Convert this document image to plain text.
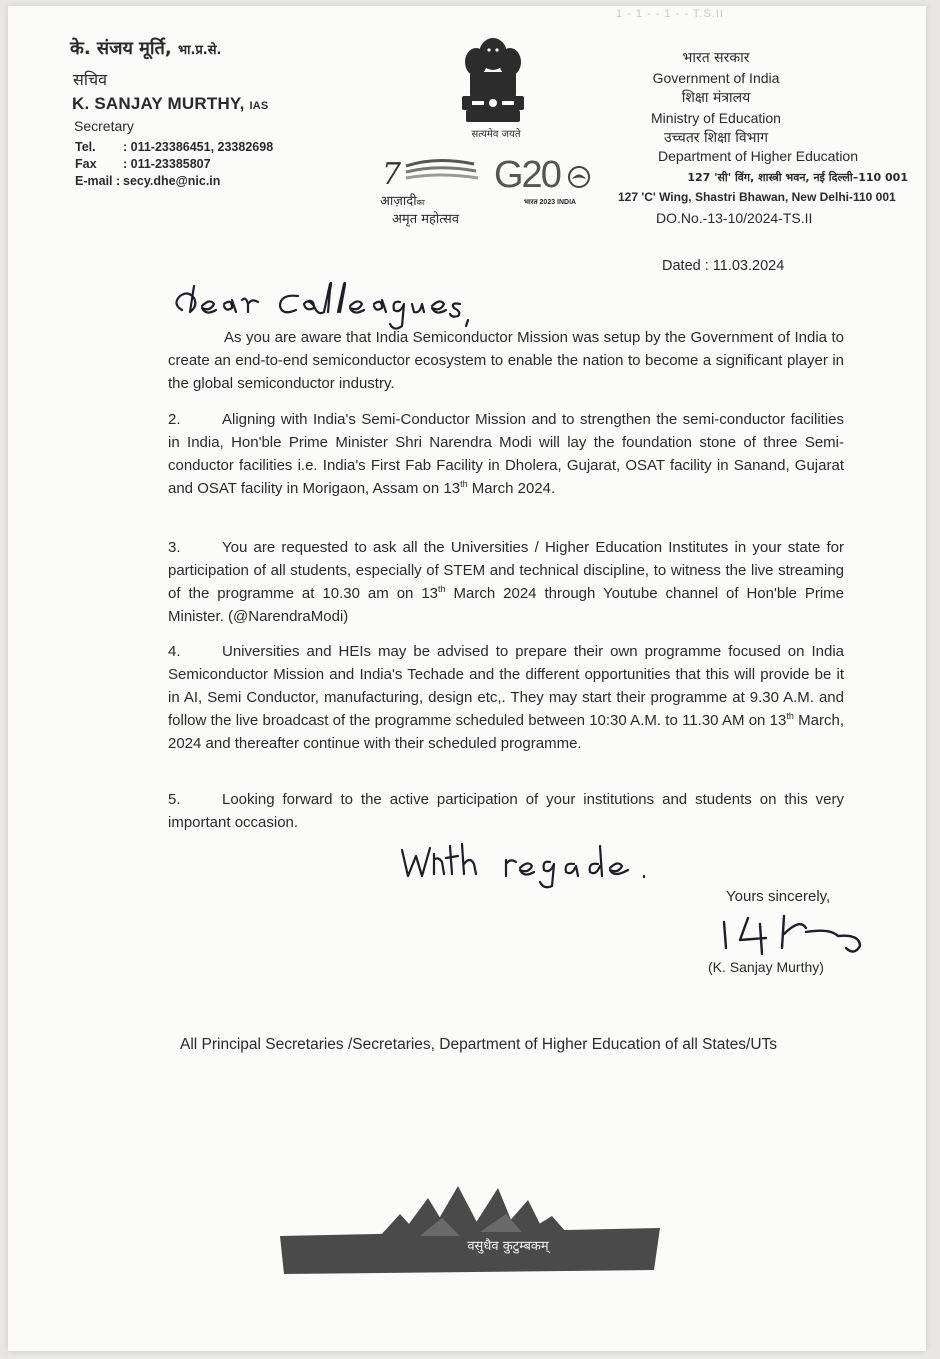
1 - 1 - - 1 - - T.S.II
के. संजय मूर्ति, भा.प्र.से.
सचिव
K. SANJAY MURTHY, IAS
Secretary
Tel. : 011-23386451, 23382698
Fax : 011-23385807
E-mail : secy.dhe@nic.in
सत्यमेव जयते
7
आज़ादीका
अमृत महोत्सव
G20
भारत 2023 INDIA
भारत सरकार
Government of India
शिक्षा मंत्रालय
Ministry of Education
उच्चतर शिक्षा विभाग
Department of Higher Education
127 'सी' विंग, शास्त्री भवन, नई दिल्ली–110 001
127 'C' Wing, Shastri Bhawan, New Delhi-110 001
DO.No.-13-10/2024-TS.II
Dated : 11.03.2024
Dear Colleagues,
As you are aware that India Semiconductor Mission was setup by the Government of India to create an end-to-end semiconductor ecosystem to enable the nation to become a significant player in the global semiconductor industry.
2.	Aligning with India's Semi-Conductor Mission and to strengthen the semi-conductor facilities in India, Hon'ble Prime Minister Shri Narendra Modi will lay the foundation stone of three Semi-conductor facilities i.e. India's First Fab Facility in Dholera, Gujarat, OSAT facility in Sanand, Gujarat and OSAT facility in Morigaon, Assam on 13th March 2024.
3.	You are requested to ask all the Universities / Higher Education Institutes in your state for participation of all students, especially of STEM and technical discipline, to witness the live streaming of the programme at 10.30 am on 13th March 2024 through Youtube channel of Hon'ble Prime Minister. (@NarendraModi)
4.	Universities and HEIs may be advised to prepare their own programme focused on India Semiconductor Mission and India's Techade and the different opportunities that this will provide be it in AI, Semi Conductor, manufacturing, design etc,. They may start their programme at 9.30 A.M. and follow the live broadcast of the programme scheduled between 10:30 A.M. to 11.30 AM on 13th March, 2024 and thereafter continue with their scheduled programme.
5.	Looking forward to the active participation of your institutions and students on this very important occasion.
With regards.
Yours sincerely,
(K. Sanjay Murthy)
All Principal Secretaries /Secretaries, Department of Higher Education of all States/UTs
वसुधैव कुटुम्बकम्
